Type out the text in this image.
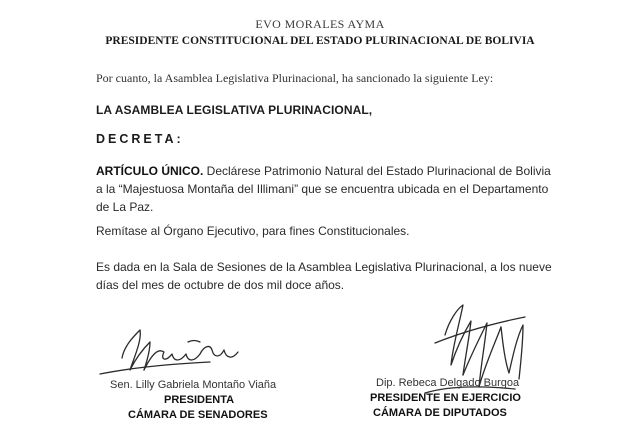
EVO MORALES AYMA
PRESIDENTE CONSTITUCIONAL DEL ESTADO PLURINACIONAL DE BOLIVIA
Por cuanto, la Asamblea Legislativa Plurinacional, ha sancionado la siguiente Ley:
LA ASAMBLEA LEGISLATIVA PLURINACIONAL,
DECRETA:
ARTÍCULO ÚNICO. Declárese Patrimonio Natural del Estado Plurinacional de Bolivia a la “Majestuosa Montaña del Illimani” que se encuentra ubicada en el Departamento de La Paz.
Remítase al Órgano Ejecutivo, para fines Constitucionales.
Es dada en la Sala de Sesiones de la Asamblea Legislativa Plurinacional, a los nueve días del mes de octubre de dos mil doce años.
Sen. Lilly Gabriela Montaño Viaña
PRESIDENTA
CÁMARA DE SENADORES
Dip. Rebeca Delgado Burgoa
PRESIDENTE EN EJERCICIO
CÁMARA DE DIPUTADOS
